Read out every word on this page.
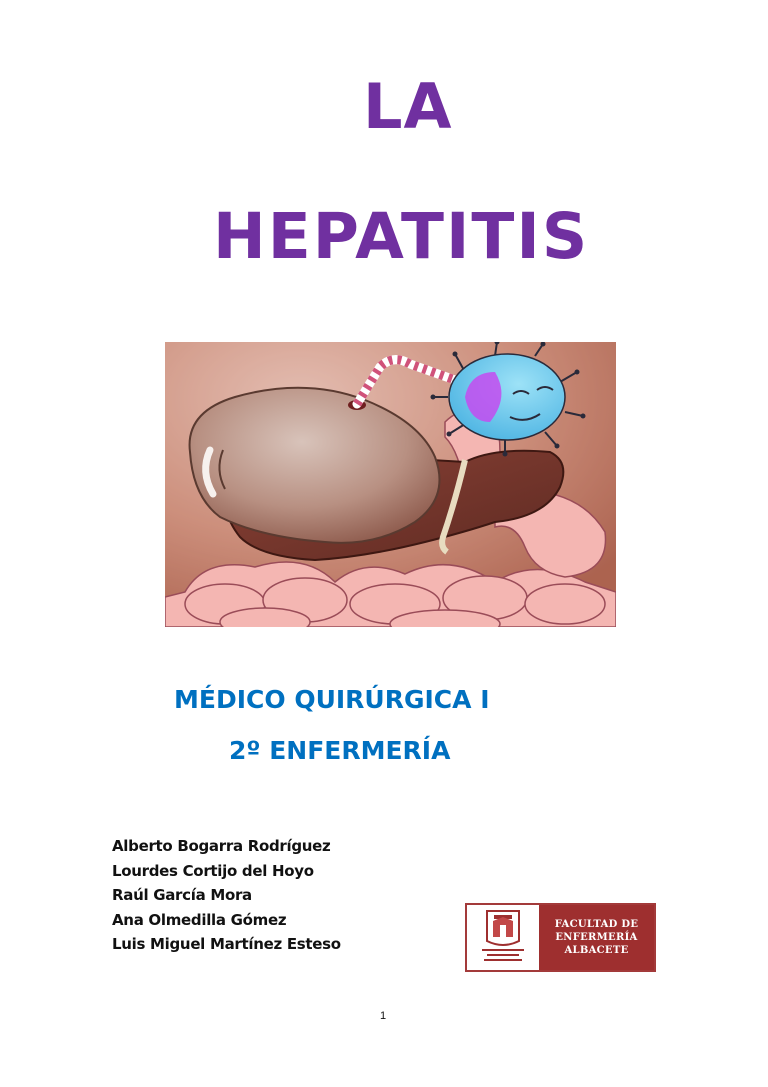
LA
HEPATITIS
MÉDICO QUIRÚRGICA I
2º ENFERMERÍA
Alberto Bogarra Rodríguez
Lourdes Cortijo del Hoyo
Raúl García Mora
Ana Olmedilla Gómez
Luis Miguel Martínez Esteso
FACULTAD DE
ENFERMERÍA
ALBACETE
1
